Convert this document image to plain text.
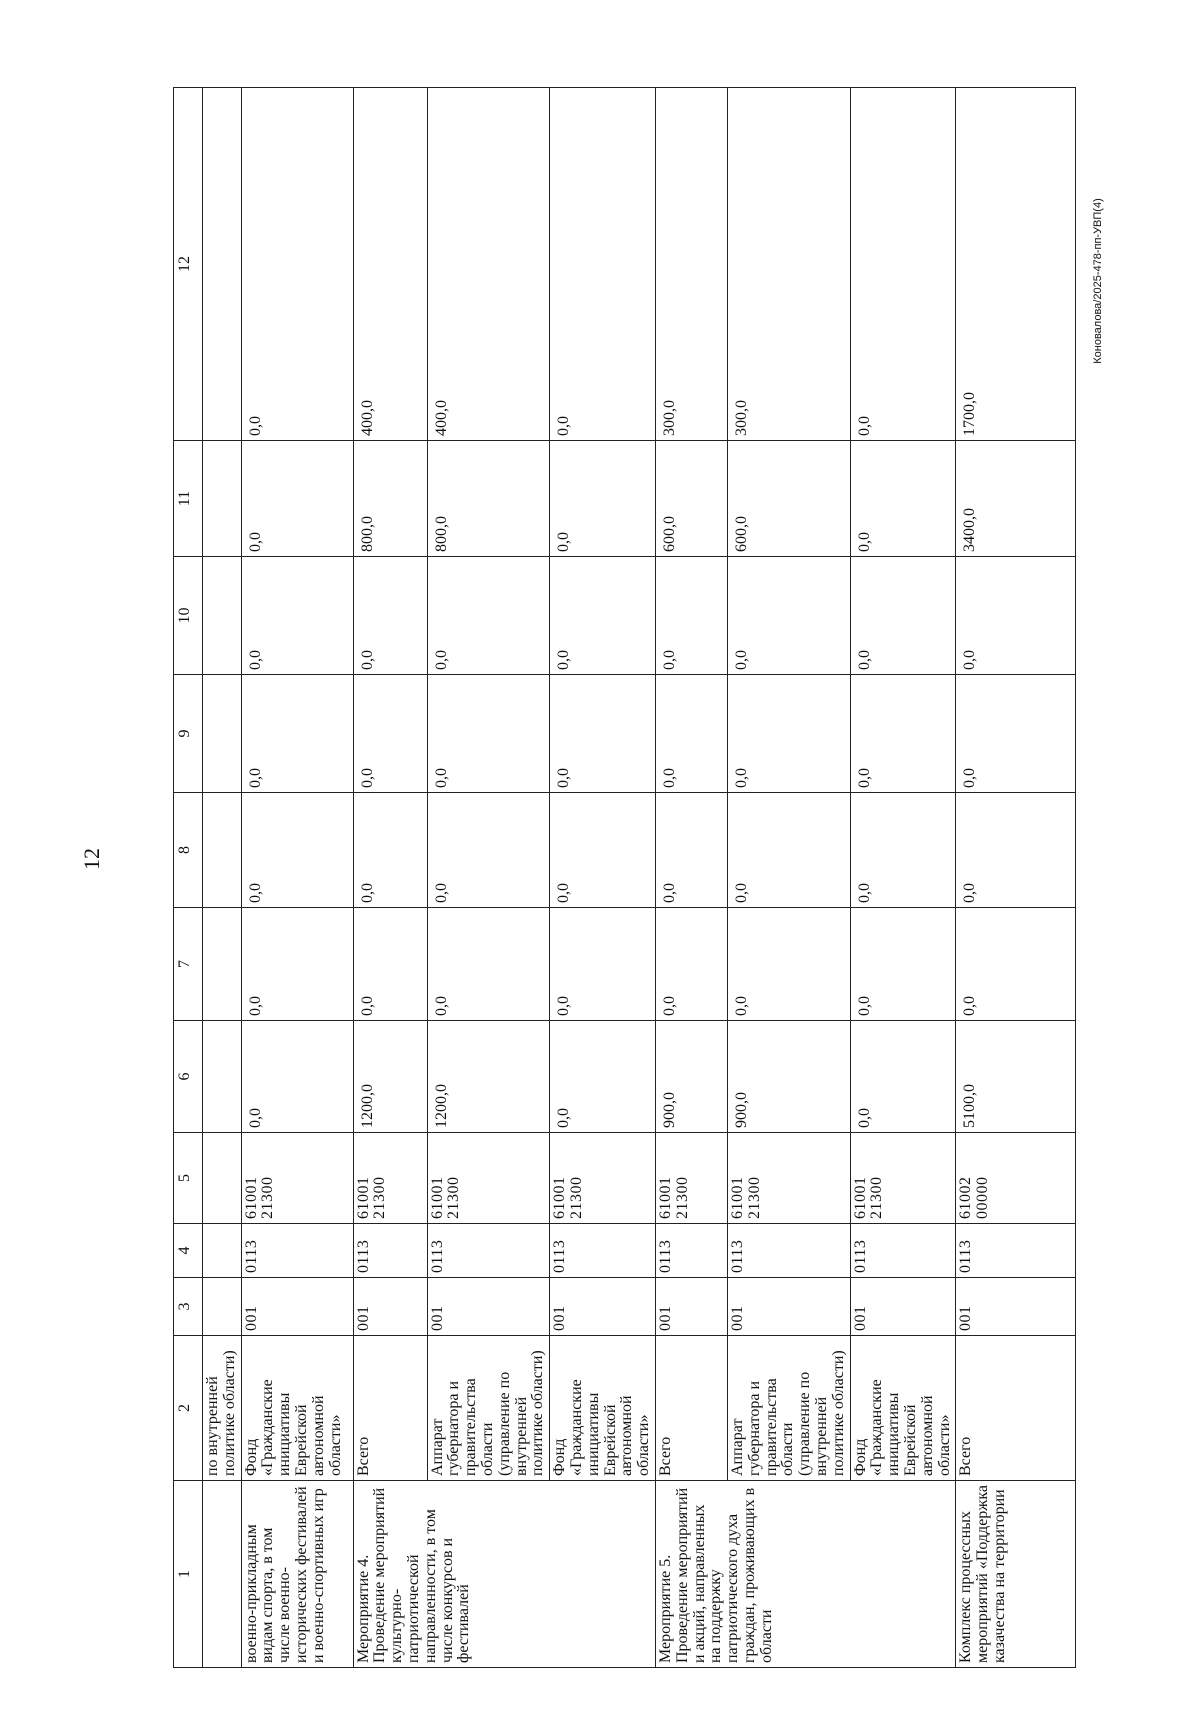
12
Коновалова/2025-478-пп-УВП(4)
1	2	3	4	5	6	7	8	9	10	11	12
	по внутренней политике области)										
военно-прикладным видам спорта, в том числе военно-исторических фестивалей и военно-спортивных игр	Фонд «Гражданские инициативы Еврейской автономной области»	001	0113	61001 21300	0,0	0,0	0,0	0,0	0,0	0,0	0,0
Мероприятие 4. Проведение мероприятий культурно-патриотической направленности, в том числе конкурсов и фестивалей	Всего	001	0113	61001 21300	1200,0	0,0	0,0	0,0	0,0	800,0	400,0
	Аппарат губернатора и правительства области (управление по внутренней политике области)	001	0113	61001 21300	1200,0	0,0	0,0	0,0	0,0	800,0	400,0
	Фонд «Гражданские инициативы Еврейской автономной области»	001	0113	61001 21300	0,0	0,0	0,0	0,0	0,0	0,0	0,0
Мероприятие 5. Проведение мероприятий и акций, направленных на поддержку патриотического духа граждан, проживающих в области	Всего	001	0113	61001 21300	900,0	0,0	0,0	0,0	0,0	600,0	300,0
	Аппарат губернатора и правительства области (управление по внутренней политике области)	001	0113	61001 21300	900,0	0,0	0,0	0,0	0,0	600,0	300,0
	Фонд «Гражданские инициативы Еврейской автономной области»	001	0113	61001 21300	0,0	0,0	0,0	0,0	0,0	0,0	0,0
Комплекс процессных мероприятий «Поддержка казачества на территории	Всего	001	0113	61002 00000	5100,0	0,0	0,0	0,0	0,0	3400,0	1700,0
